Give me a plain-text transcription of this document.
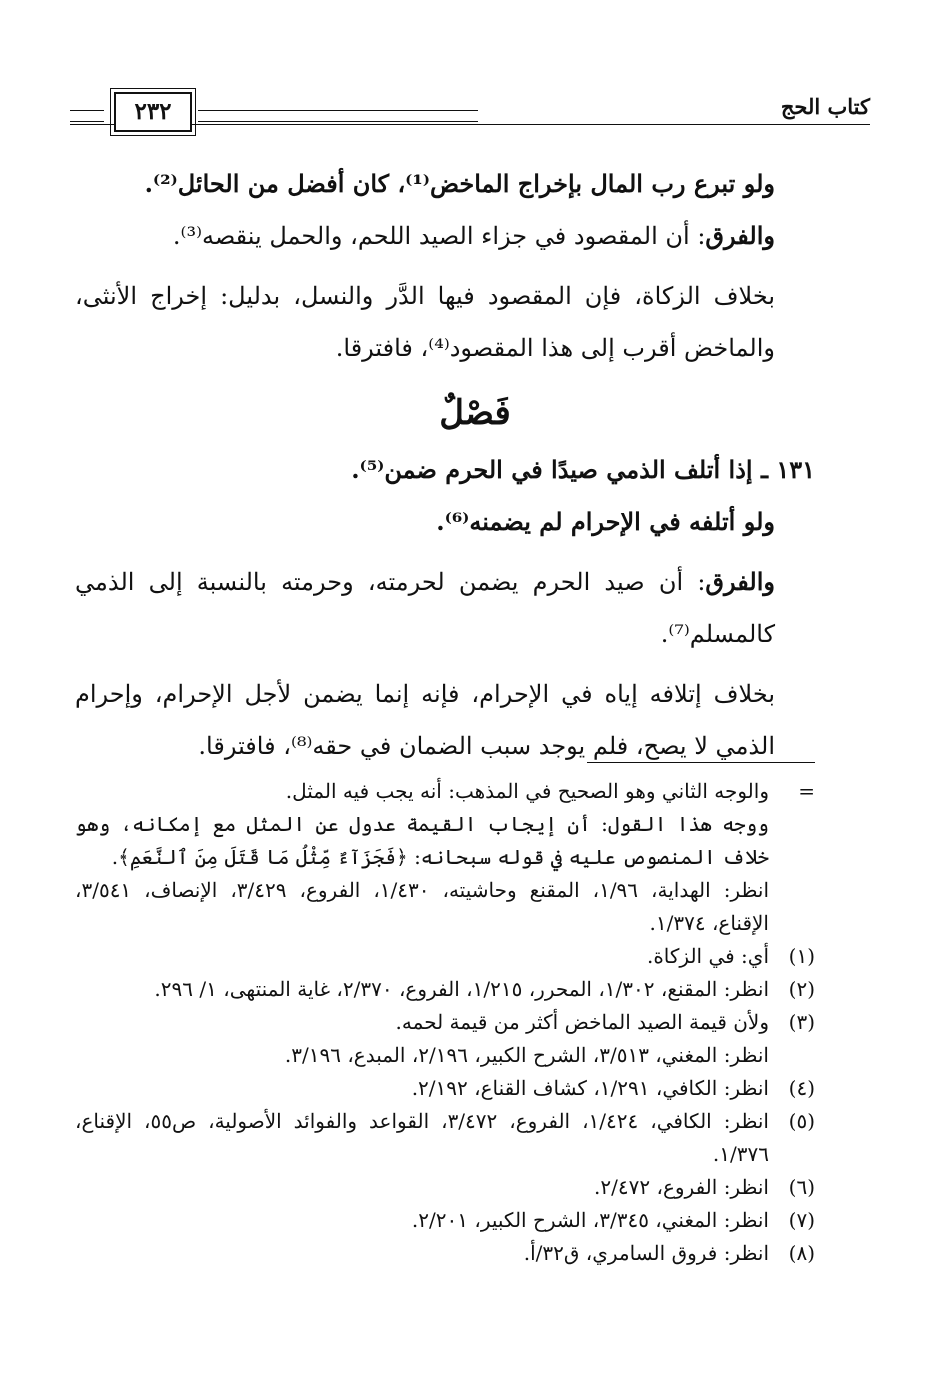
٢٣٢	كتاب الحج

ولو تبرع رب المال بإخراج الماخض⁽¹⁾، كان أفضل من الحائل⁽²⁾.

والفرق: أن المقصود في جزاء الصيد اللحم، والحمل ينقصه⁽³⁾.

بخلاف الزكاة، فإن المقصود فيها الدَّر والنسل، بدليل: إخراج الأنثى، والماخض أقرب إلى هذا المقصود⁽⁴⁾، فافترقا.

فَصْلٌ

١٣١ ـ إذا أتلف الذمي صيدًا في الحرم ضمن⁽⁵⁾.

ولو أتلفه في الإحرام لم يضمنه⁽⁶⁾.

والفرق: أن صيد الحرم يضمن لحرمته، وحرمته بالنسبة إلى الذمي كالمسلم⁽⁷⁾.

بخلاف إتلافه إياه في الإحرام، فإنه إنما يضمن لأجل الإحرام، وإحرام الذمي لا يصح، فلم يوجد سبب الضمان في حقه⁽⁸⁾، فافترقا.

=
والوجه الثاني وهو الصحيح في المذهب: أنه يجب فيه المثل.
ووجه هذا القول: أن إيجاب القيمة عدول عن المثل مع إمكانه، وهو خلاف المنصوص عليه في قوله سبحانه: ﴿فَجَزَآءٌ مِّثْلُ مَا قَتَلَ مِنَ ٱلنَّعَمِ﴾.
انظر: الهداية، ١/٩٦، المقنع وحاشيته، ١/٤٣٠، الفروع، ٣/٤٢٩، الإنصاف، ٣/٥٤١، الإقناع، ١/٣٧٤.
(١)
أي: في الزكاة.
(٢)
انظر: المقنع، ١/٣٠٢، المحرر، ١/٢١٥، الفروع، ٢/٣٧٠، غاية المنتهى، ١/ ٢٩٦.
(٣)
ولأن قيمة الصيد الماخض أكثر من قيمة لحمه.
انظر: المغني، ٣/٥١٣، الشرح الكبير، ٢/١٩٦، المبدع، ٣/١٩٦.
(٤)
انظر: الكافي، ١/٢٩١، كشاف القناع، ٢/١٩٢.
(٥)
انظر: الكافي، ١/٤٢٤، الفروع، ٣/٤٧٢، القواعد والفوائد الأصولية، ص٥٥، الإقناع، ١/٣٧٦.
(٦)
انظر: الفروع، ٢/٤٧٢.
(٧)
انظر: المغني، ٣/٣٤٥، الشرح الكبير، ٢/٢٠١.
(٨)
انظر: فروق السامري، ق٣٢/أ.
